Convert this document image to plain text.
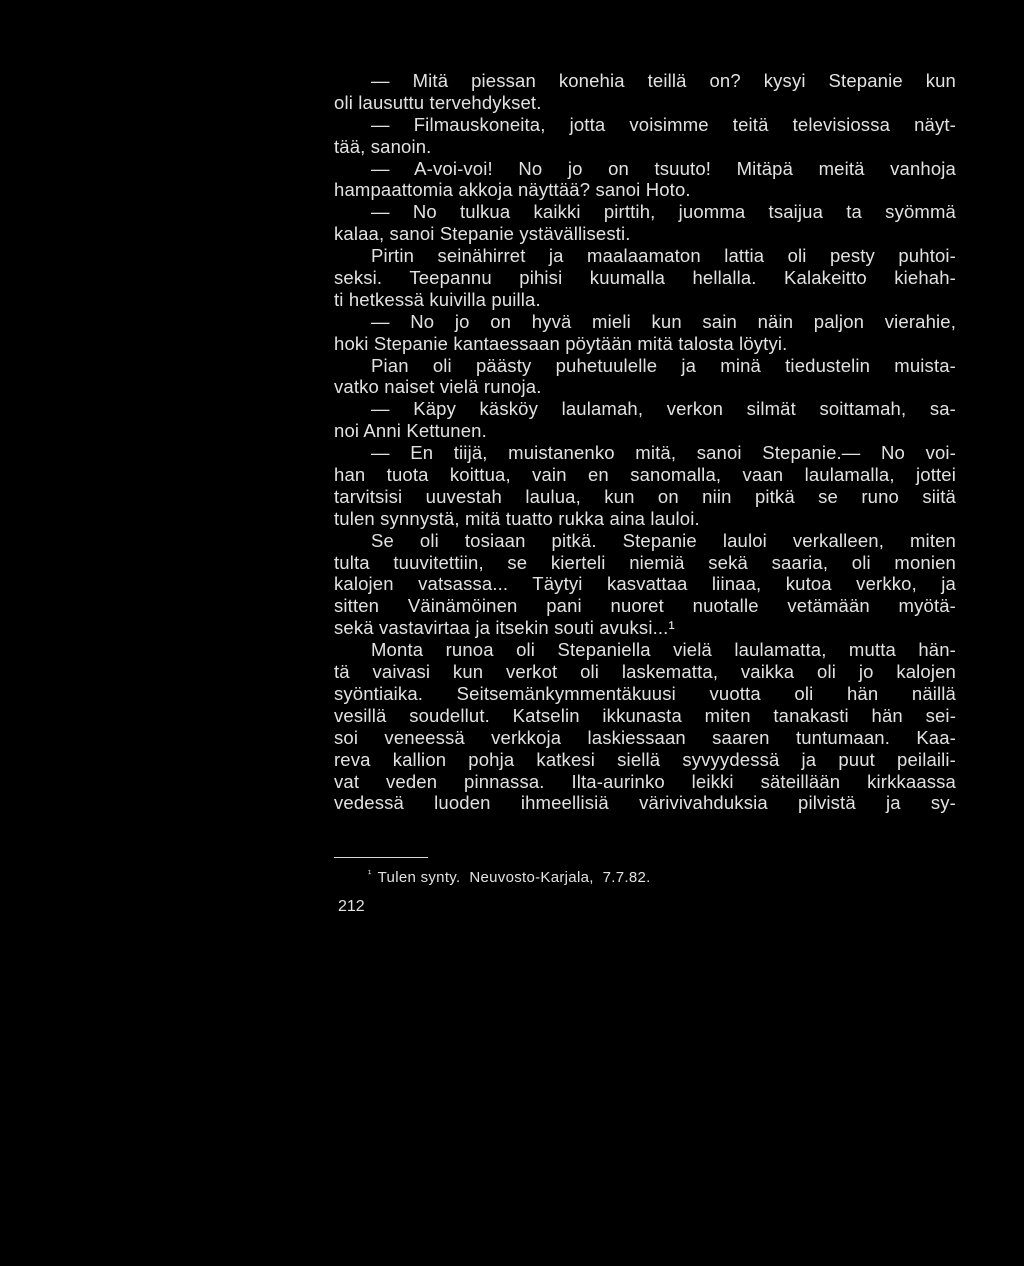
— Mitä piessan konehia teillä on? kysyi Stepanie kun
oli lausuttu tervehdykset.
— Filmauskoneita, jotta voisimme teitä televisiossa näyt-
tää, sanoin.
— A-voi-voi! No jo on tsuuto! Mitäpä meitä vanhoja
hampaattomia akkoja näyttää? sanoi Hoto.
— No tulkua kaikki pirttih, juomma tsaijua ta syömmä
kalaa, sanoi Stepanie ystävällisesti.
Pirtin seinähirret ja maalaamaton lattia oli pesty puhtoi-
seksi. Teepannu pihisi kuumalla hellalla. Kalakeitto kiehah-
ti hetkessä kuivilla puilla.
— No jo on hyvä mieli kun sain näin paljon vierahie,
hoki Stepanie kantaessaan pöytään mitä talosta löytyi.
Pian oli päästy puhetuulelle ja minä tiedustelin muista-
vatko naiset vielä runoja.
— Käpy käsköy laulamah, verkon silmät soittamah, sa-
noi Anni Kettunen.
— En tiijä, muistanenko mitä, sanoi Stepanie.— No voi-
han tuota koittua, vain en sanomalla, vaan laulamalla, jottei
tarvitsisi uuvestah laulua, kun on niin pitkä se runo siitä
tulen synnystä, mitä tuatto rukka aina lauloi.
Se oli tosiaan pitkä. Stepanie lauloi verkalleen, miten
tulta tuuvitettiin, se kierteli niemiä sekä saaria, oli monien
kalojen vatsassa... Täytyi kasvattaa liinaa, kutoa verkko, ja
sitten Väinämöinen pani nuoret nuotalle vetämään myötä-
sekä vastavirtaa ja itsekin souti avuksi...¹
Monta runoa oli Stepaniella vielä laulamatta, mutta hän-
tä vaivasi kun verkot oli laskematta, vaikka oli jo kalojen
syöntiaika. Seitsemänkymmentäkuusi vuotta oli hän näillä
vesillä soudellut. Katselin ikkunasta miten tanakasti hän sei-
soi veneessä verkkoja laskiessaan saaren tuntumaan. Kaa-
reva kallion pohja katkesi siellä syvyydessä ja puut peilaili-
vat veden pinnassa. Ilta-aurinko leikki säteillään kirkkaassa
vedessä luoden ihmeellisiä värivivahduksia pilvistä ja sy-
$^{^1}$ Tulen synty.  Neuvosto-Karjala,  7.7.82.
212
